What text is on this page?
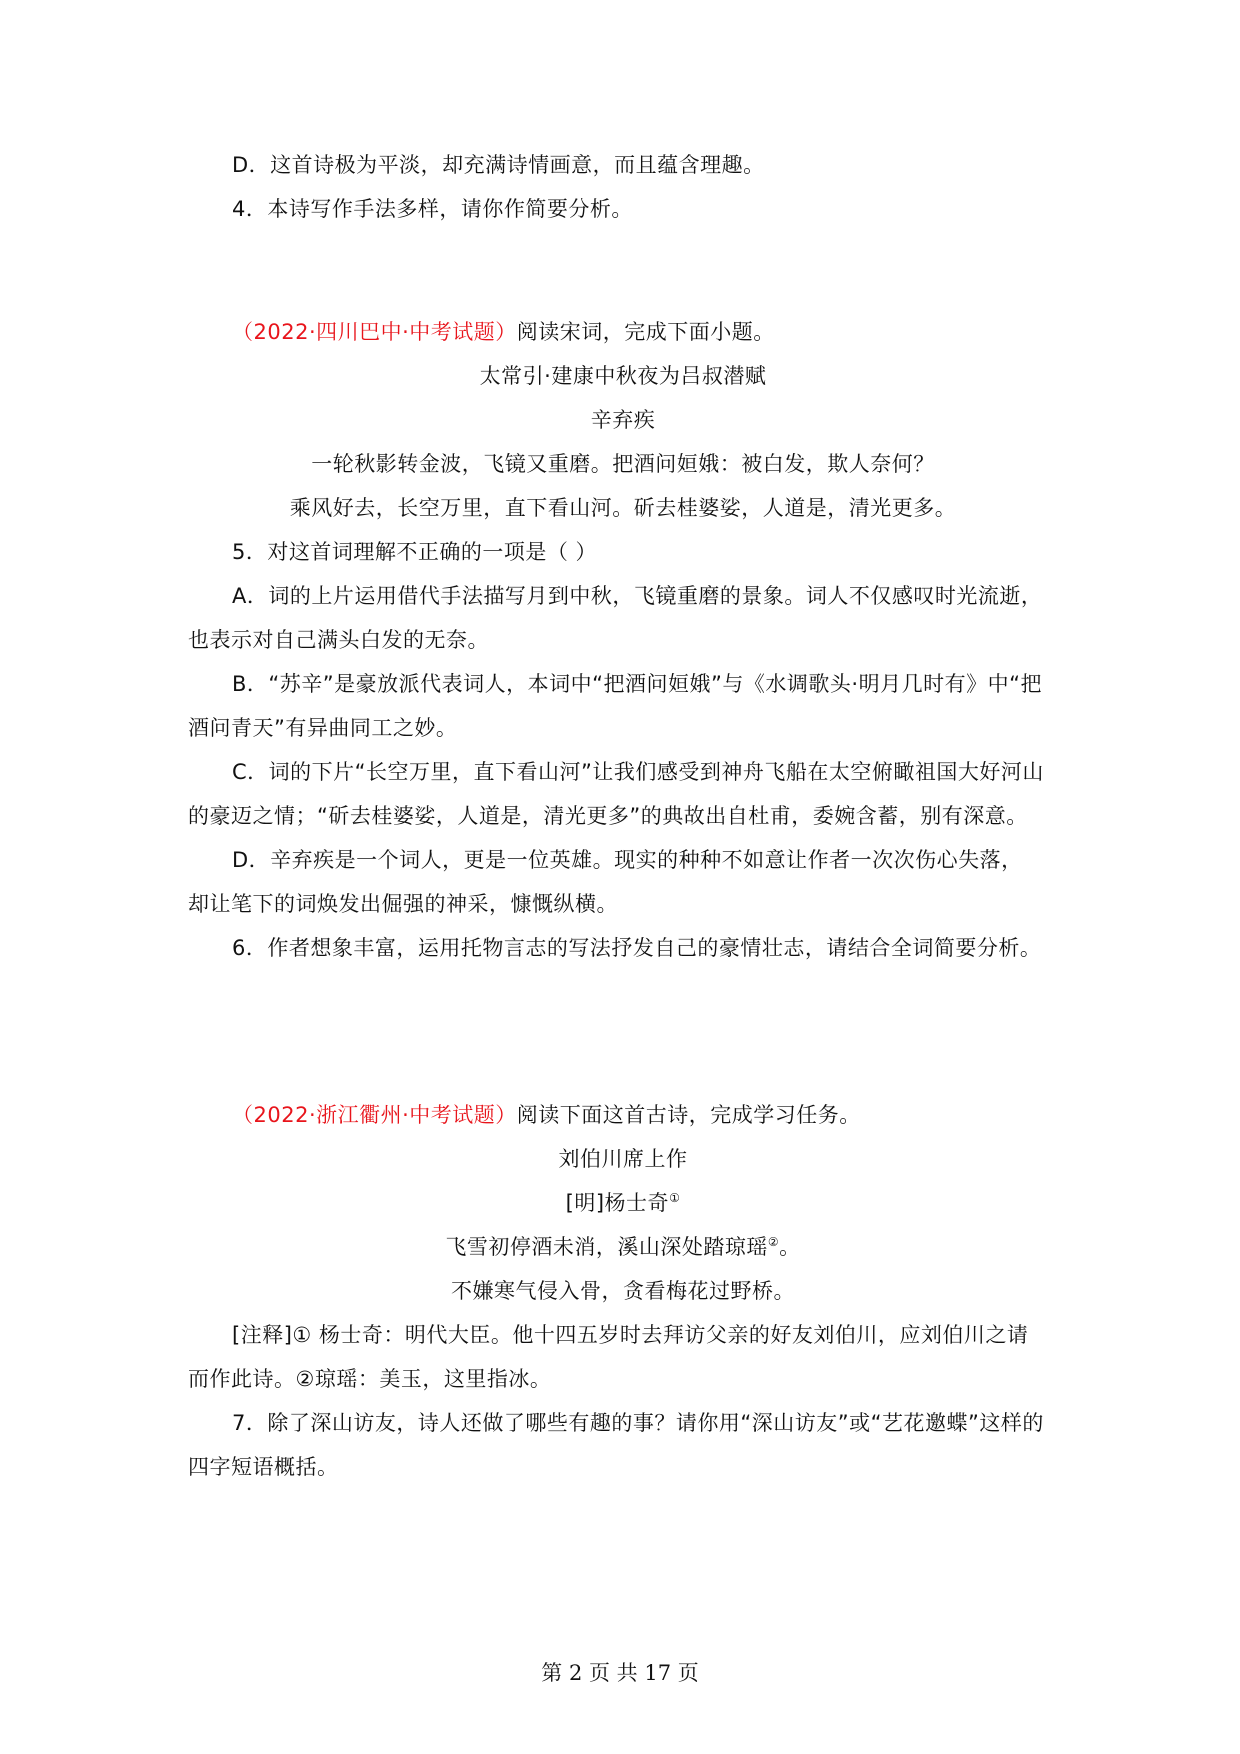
D．这首诗极为平淡，却充满诗情画意，而且蕴含理趣。
4．本诗写作手法多样，请你作简要分析。
（2022·四川巴中·中考试题）阅读宋词，完成下面小题。
太常引·建康中秋夜为吕叔潜赋
辛弃疾
一轮秋影转金波，飞镜又重磨。把酒问姮娥：被白发，欺人奈何？
乘风好去，长空万里，直下看山河。斫去桂婆娑，人道是，清光更多。
5．对这首词理解不正确的一项是（ ）
A．词的上片运用借代手法描写月到中秋，飞镜重磨的景象。词人不仅感叹时光流逝，
也表示对自己满头白发的无奈。
B．“苏辛”是豪放派代表词人，本词中“把酒问姮娥”与《水调歌头·明月几时有》中“把
酒问青天”有异曲同工之妙。
C．词的下片“长空万里，直下看山河”让我们感受到神舟飞船在太空俯瞰祖国大好河山
的豪迈之情；“斫去桂婆娑，人道是，清光更多”的典故出自杜甫，委婉含蓄，别有深意。
D．辛弃疾是一个词人，更是一位英雄。现实的种种不如意让作者一次次伤心失落，
却让笔下的词焕发出倔强的神采，慷慨纵横。
6．作者想象丰富，运用托物言志的写法抒发自己的豪情壮志，请结合全词简要分析。
（2022·浙江衢州·中考试题）阅读下面这首古诗，完成学习任务。
刘伯川席上作
[明]杨士奇①
飞雪初停酒未消，溪山深处踏琼瑶②。
不嫌寒气侵入骨，贪看梅花过野桥。
[注释]① 杨士奇：明代大臣。他十四五岁时去拜访父亲的好友刘伯川，应刘伯川之请
而作此诗。②琼瑶：美玉，这里指冰。
7．除了深山访友，诗人还做了哪些有趣的事？请你用“深山访友”或“艺花邀蝶”这样的
四字短语概括。
第 2 页 共 17 页
